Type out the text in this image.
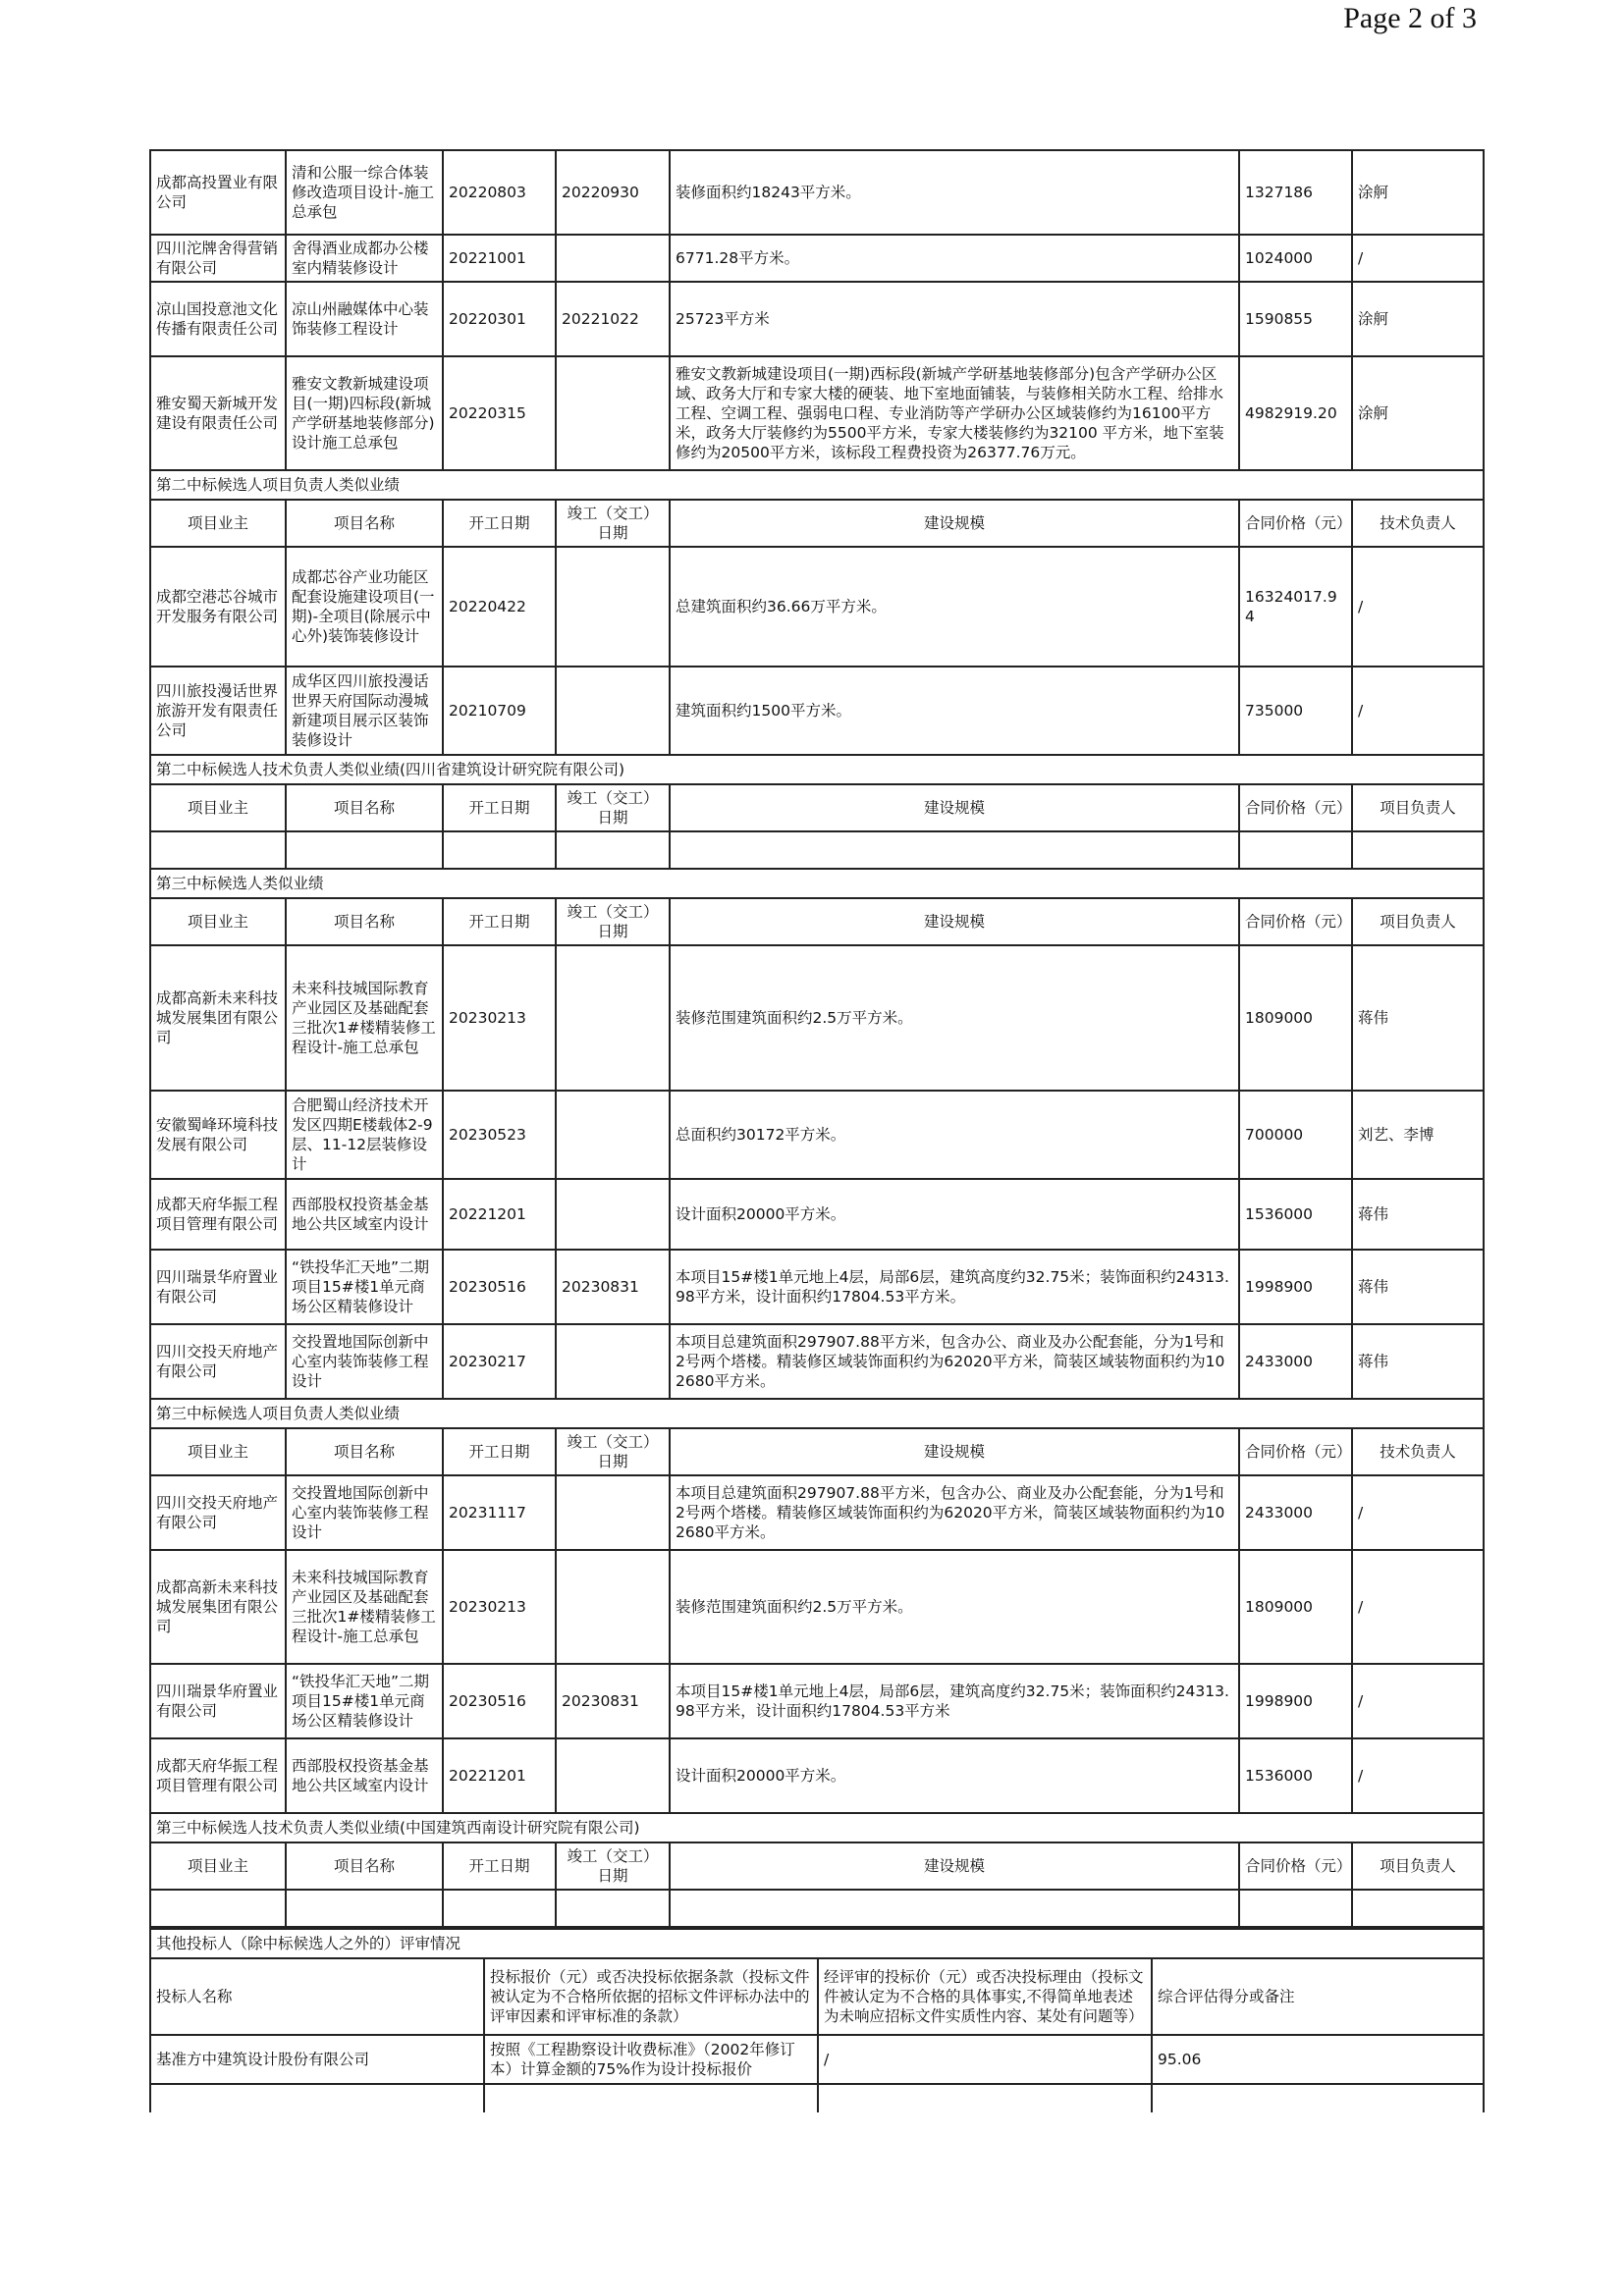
Page 2 of 3
成都高投置业有限公司	清和公服一综合体装修改造项目设计-施工总承包	20220803	20220930	装修面积约18243平方米。	1327186	涂舸
四川沱牌舍得营销有限公司	舍得酒业成都办公楼室内精装修设计	20221001		6771.28平方米。	1024000	/
凉山国投意池文化传播有限责任公司	凉山州融媒体中心装饰装修工程设计	20220301	20221022	25723平方米	1590855	涂舸
雅安蜀天新城开发建设有限责任公司	雅安文教新城建设项目(一期)四标段(新城产学研基地装修部分)设计施工总承包	20220315		雅安文教新城建设项目(一期)西标段(新城产学研基地装修部分)包含产学研办公区域、政务大厅和专家大楼的硬装、地下室地面铺装，与装修相关防水工程、给排水工程、空调工程、强弱电口程、专业消防等产学研办公区域装修约为16100平方米，政务大厅装修约为5500平方米，专家大楼装修约为32100 平方米，地下室装修约为20500平方米，该标段工程费投资为26377.76万元。	4982919.20	涂舸
第二中标候选人项目负责人类似业绩						
项目业主	项目名称	开工日期	竣工（交工）日期	建设规模	合同价格（元）	技术负责人
成都空港芯谷城市开发服务有限公司	成都芯谷产业功能区配套设施建设项目(一期)-全项目(除展示中心外)装饰装修设计	20220422		总建筑面积约36.66万平方米。	16324017.94	/
四川旅投漫话世界旅游开发有限责任公司	成华区四川旅投漫话世界天府国际动漫城新建项目展示区装饰装修设计	20210709		建筑面积约1500平方米。	735000	/
第二中标候选人技术负责人类似业绩(四川省建筑设计研究院有限公司)						
项目业主	项目名称	开工日期	竣工（交工）日期	建设规模	合同价格（元）	项目负责人

第三中标候选人类似业绩						
项目业主	项目名称	开工日期	竣工（交工）日期	建设规模	合同价格（元）	项目负责人
成都高新未来科技城发展集团有限公司	未来科技城国际教育产业园区及基础配套三批次1#楼精装修工程设计-施工总承包	20230213		装修范围建筑面积约2.5万平方米。	1809000	蒋伟
安徽蜀峰环境科技发展有限公司	合肥蜀山经济技术开发区四期E楼载体2-9层、11-12层装修设计	20230523		总面积约30172平方米。	700000	刘艺、李博
成都天府华振工程项目管理有限公司	西部股权投资基金基地公共区域室内设计	20221201		设计面积20000平方米。	1536000	蒋伟
四川瑞景华府置业有限公司	“铁投华汇天地”二期项目15#楼1单元商场公区精装修设计	20230516	20230831	本项目15#楼1单元地上4层，局部6层，建筑高度约32.75米；装饰面积约24313.98平方米，设计面积约17804.53平方米。	1998900	蒋伟
四川交投天府地产有限公司	交投置地国际创新中心室内装饰装修工程设计	20230217		本项目总建筑面积297907.88平方米，包含办公、商业及办公配套能，分为1号和2号两个塔楼。精装修区域装饰面积约为62020平方米，简装区域装物面积约为102680平方米。	2433000	蒋伟
第三中标候选人项目负责人类似业绩						
项目业主	项目名称	开工日期	竣工（交工）日期	建设规模	合同价格（元）	技术负责人
四川交投天府地产有限公司	交投置地国际创新中心室内装饰装修工程设计	20231117		本项目总建筑面积297907.88平方米，包含办公、商业及办公配套能，分为1号和2号两个塔楼。精装修区域装饰面积约为62020平方米，简装区域装物面积约为102680平方米。	2433000	/
成都高新未来科技城发展集团有限公司	未来科技城国际教育产业园区及基础配套三批次1#楼精装修工程设计-施工总承包	20230213		装修范围建筑面积约2.5万平方米。	1809000	/
四川瑞景华府置业有限公司	“铁投华汇天地”二期项目15#楼1单元商场公区精装修设计	20230516	20230831	本项目15#楼1单元地上4层，局部6层，建筑高度约32.75米；装饰面积约24313.98平方米，设计面积约17804.53平方米	1998900	/
成都天府华振工程项目管理有限公司	西部股权投资基金基地公共区域室内设计	20221201		设计面积20000平方米。	1536000	/
第三中标候选人技术负责人类似业绩(中国建筑西南设计研究院有限公司)						
项目业主	项目名称	开工日期	竣工（交工）日期	建设规模	合同价格（元）	项目负责人

其他投标人（除中标候选人之外的）评审情况			
投标人名称	投标报价（元）或否决投标依据条款（投标文件被认定为不合格所依据的招标文件评标办法中的评审因素和评审标准的条款）	经评审的投标价（元）或否决投标理由（投标文件被认定为不合格的具体事实,不得简单地表述为未响应招标文件实质性内容、某处有问题等）	综合评估得分或备注
基准方中建筑设计股份有限公司	按照《工程勘察设计收费标准》（2002年修订本）计算金额的75%作为设计投标报价	/	95.06
